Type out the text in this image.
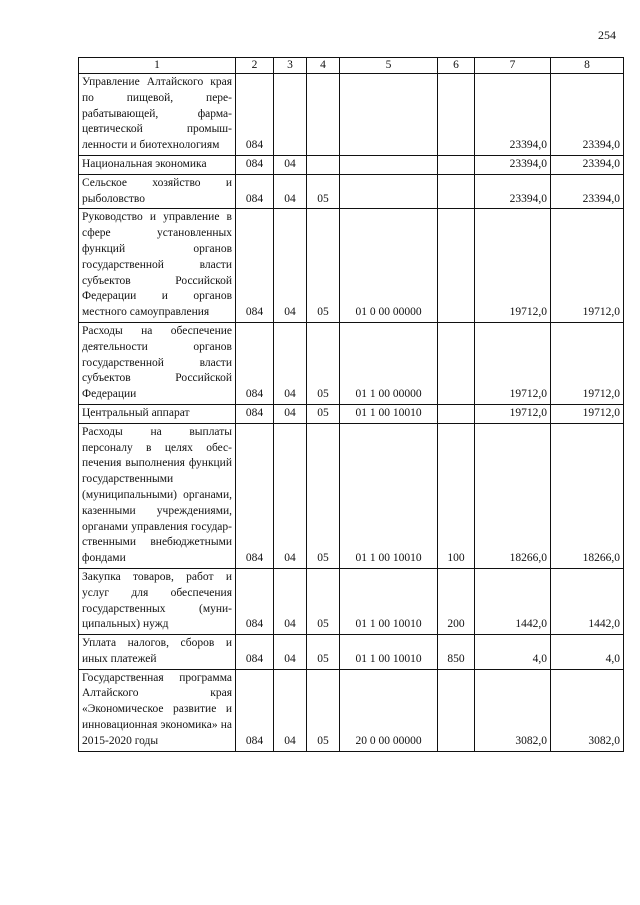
254
1	2	3	4	5	6	7	8
Управление Алтайского края по пищевой, перерабатывающей, фармацевтической промышленности и биотехнологиям	084					23394,0	23394,0
Национальная экономика	084	04				23394,0	23394,0
Сельское хозяйство и рыболовство	084	04	05			23394,0	23394,0
Руководство и управление в сфере установленных функций органов государственной власти субъектов Российской Федерации и органов местного самоуправления	084	04	05	01 0 00 00000		19712,0	19712,0
Расходы на обеспечение деятельности органов государственной власти субъектов Российской Федерации	084	04	05	01 1 00 00000		19712,0	19712,0
Центральный аппарат	084	04	05	01 1 00 10010		19712,0	19712,0
Расходы на выплаты персоналу в целях обеспечения выполнения функций государственными (муниципальными) органами, казенными учреждениями, органами управления государственными внебюджетными фондами	084	04	05	01 1 00 10010	100	18266,0	18266,0
Закупка товаров, работ и услуг для обеспечения государственных (муниципальных) нужд	084	04	05	01 1 00 10010	200	1442,0	1442,0
Уплата налогов, сборов и иных платежей	084	04	05	01 1 00 10010	850	4,0	4,0
Государственная программа Алтайского края «Экономическое развитие и инновационная экономика» на 2015-2020 годы	084	04	05	20 0 00 00000		3082,0	3082,0
